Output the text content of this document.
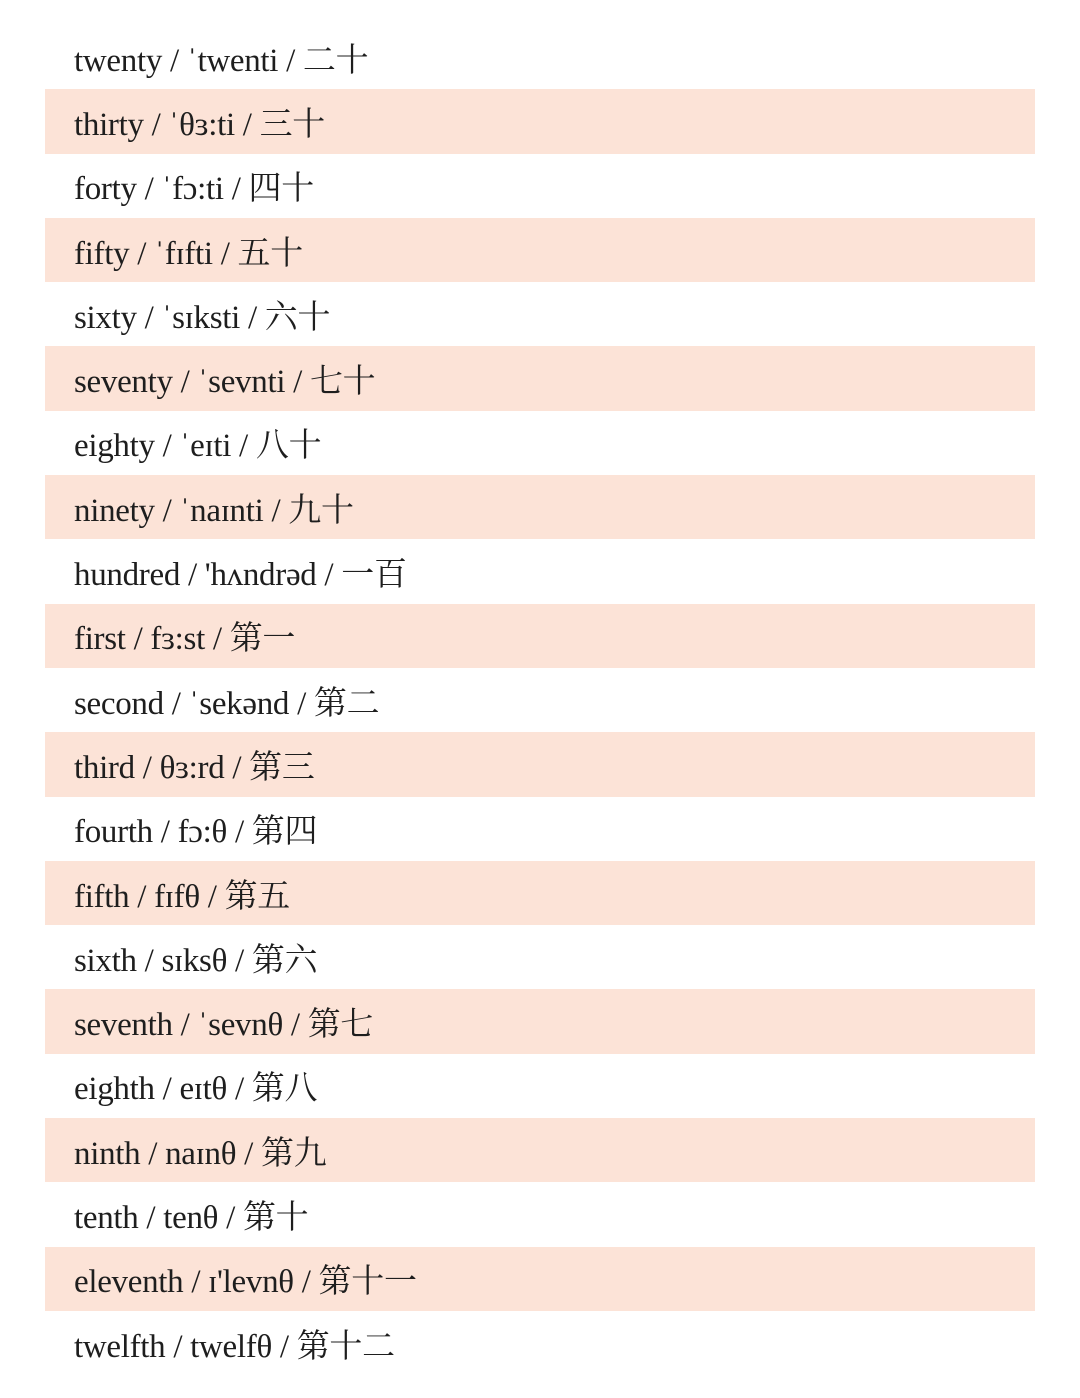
twenty / ˈtwenti / 二十
thirty / ˈθɜ:ti / 三十
forty / ˈfɔ:ti / 四十
fifty / ˈfɪfti / 五十
sixty / ˈsɪksti / 六十
seventy / ˈsevnti / 七十
eighty / ˈeɪti / 八十
ninety / ˈnaɪnti / 九十
hundred / 'hʌndrəd / 一百
first / fɜ:st / 第一
second / ˈsekənd / 第二
third / θɜ:rd / 第三
fourth / fɔ:θ / 第四
fifth / fɪfθ / 第五
sixth / sɪksθ / 第六
seventh / ˈsevnθ / 第七
eighth / eɪtθ / 第八
ninth / naɪnθ / 第九
tenth / tenθ / 第十
eleventh / ɪ'levnθ / 第十一
twelfth / twelfθ / 第十二
